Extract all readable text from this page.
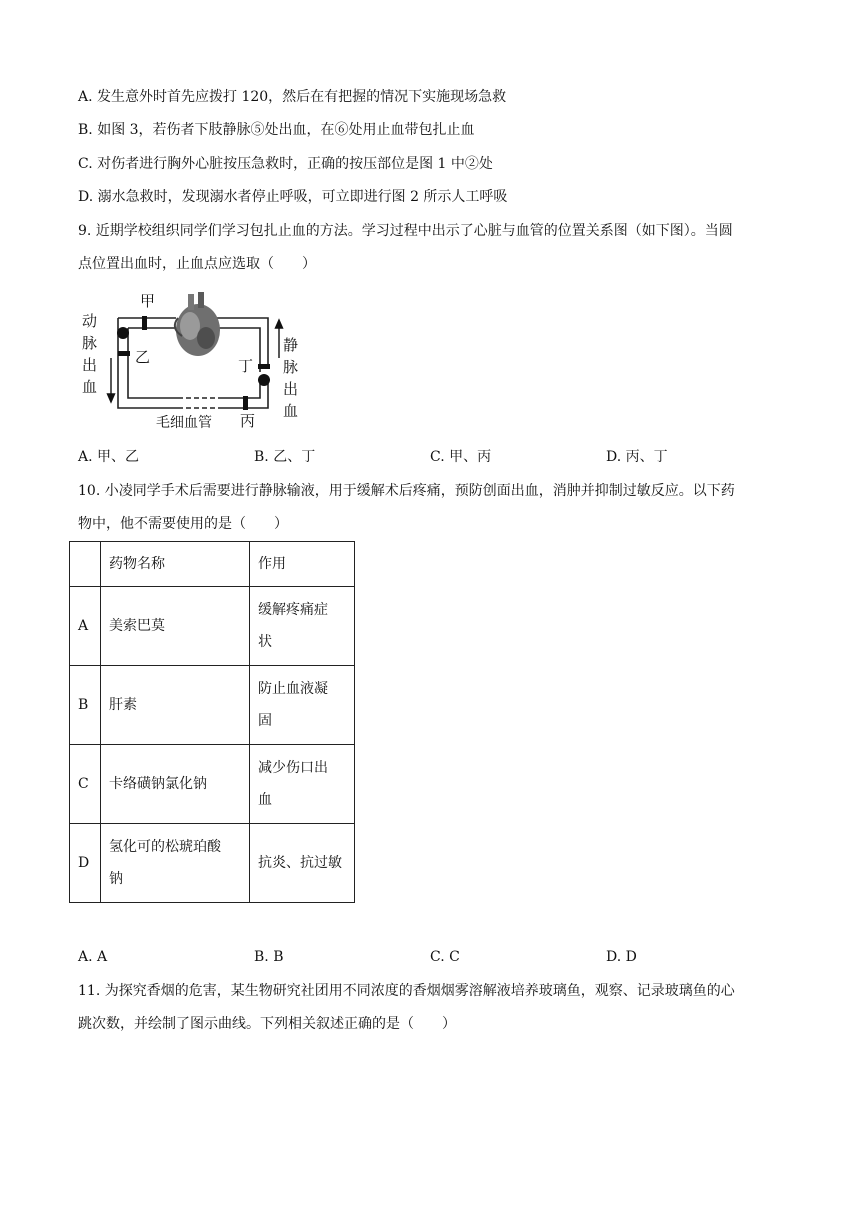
A. 发生意外时首先应拨打 120，然后在有把握的情况下实施现场急救
B. 如图 3，若伤者下肢静脉⑤处出血，在⑥处用止血带包扎止血
C. 对伤者进行胸外心脏按压急救时，正确的按压部位是图 1 中②处
D. 溺水急救时，发现溺水者停止呼吸，可立即进行图 2 所示人工呼吸
9. 近期学校组织同学们学习包扎止血的方法。学习过程中出示了心脏与血管的位置关系图（如下图）。当圆
点位置出血时，止血点应选取（　　）
甲
乙	丁
丙
毛细血管
动
脉
出
血
静
脉
出
血
A. 甲、乙	B. 乙、丁	C. 甲、丙	D. 丙、丁
10. 小凌同学手术后需要进行静脉输液，用于缓解术后疼痛，预防创面出血，消肿并抑制过敏反应。以下药
物中，他不需要使用的是（　　）
	药物名称	作用
A	美索巴莫	缓解疼痛症
状

B	肝素	防止血液凝
固

C	卡络磺钠氯化钠	减少伤口出
血

D	氢化可的松琥珀酸
钠	抗炎、抗过敏
A. A	B. B	C. C	D. D
11. 为探究香烟的危害，某生物研究社团用不同浓度的香烟烟雾溶解液培养玻璃鱼，观察、记录玻璃鱼的心
跳次数，并绘制了图示曲线。下列相关叙述正确的是（　　）
